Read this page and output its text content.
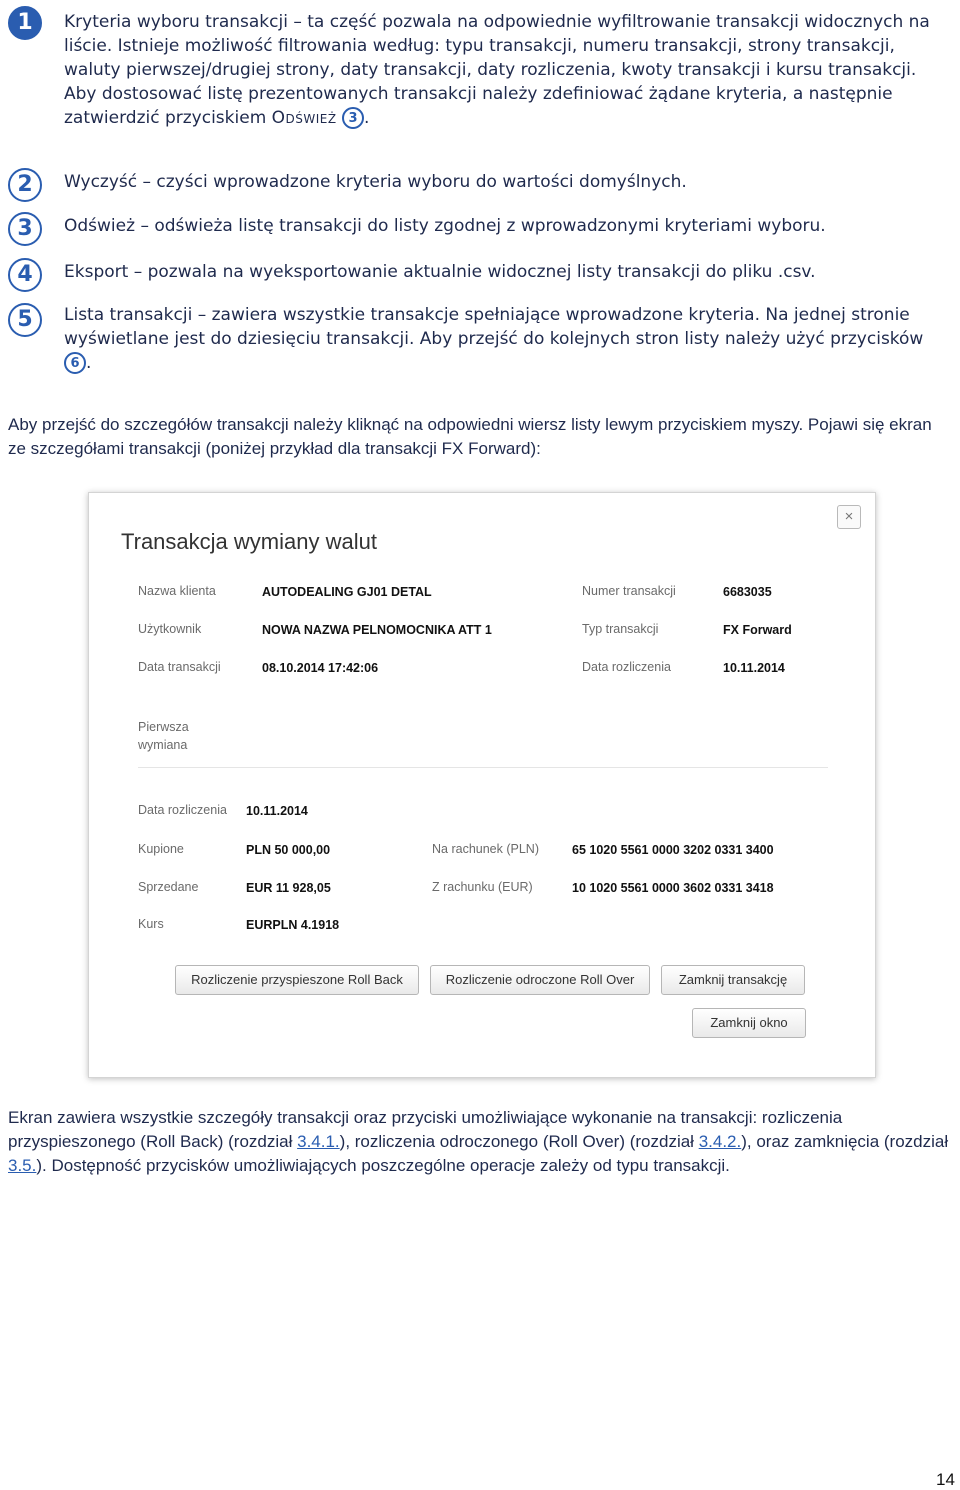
1	Kryteria wyboru transakcji – ta część pozwala na odpowiednie wyfiltrowanie transakcji widocznych na liście. Istnieje możliwość filtrowania według: typu transakcji, numeru transakcji, strony transakcji, waluty pierwszej/drugiej strony, daty transakcji, daty rozliczenia, kwoty transakcji i kursu transakcji. Aby dostosować listę prezentowanych transakcji należy zdefiniować żądane kryteria, a następnie zatwierdzić przyciskiem Odśwież 3 .
2	Wyczyść – czyści wprowadzone kryteria wyboru do wartości domyślnych.
3	Odśwież – odświeża listę transakcji do listy zgodnej z wprowadzonymi kryteriami wyboru.
4	Eksport – pozwala na wyeksportowanie aktualnie widocznej listy transakcji do pliku .csv.
5	Lista transakcji – zawiera wszystkie transakcje spełniające wprowadzone kryteria. Na jednej stronie wyświetlane jest do dziesięciu transakcji. Aby przejść do kolejnych stron listy należy użyć przycisków 6 .
Aby przejść do szczegółów transakcji należy kliknąć na odpowiedni wiersz listy lewym przyciskiem myszy. Pojawi się ekran ze szczegółami transakcji (poniżej przykład dla transakcji FX Forward):
Transakcja wymiany walut
×
Nazwa klienta	AUTODEALING GJ01 DETAL
Użytkownik	NOWA NAZWA PELNOMOCNIKA ATT 1
Data transakcji	08.10.2014 17:42:06
Numer transakcji	6683035
Typ transakcji	FX Forward
Data rozliczenia	10.11.2014
Pierwsza wymiana
Data rozliczenia 10.11.2014
Kupione	PLN 50 000,00
Sprzedane	EUR 11 928,05
Kurs	EURPLN 4.1918
Na rachunek (PLN)	65 1020 5561 0000 3202 0331 3400
Z rachunku (EUR)	10 1020 5561 0000 3602 0331 3418
Rozliczenie przyspieszone Roll Back	Rozliczenie odroczone Roll Over	Zamknij transakcję
Zamknij okno
Ekran zawiera wszystkie szczegóły transakcji oraz przyciski umożliwiające wykonanie na transakcji: rozliczenia przyspieszonego (Roll Back) (rozdział 3.4.1.), rozliczenia odroczonego (Roll Over) (rozdział 3.4.2.), oraz zamknięcia (rozdział 3.5.). Dostępność przycisków umożliwiających poszczególne operacje zależy od typu transakcji.
14
